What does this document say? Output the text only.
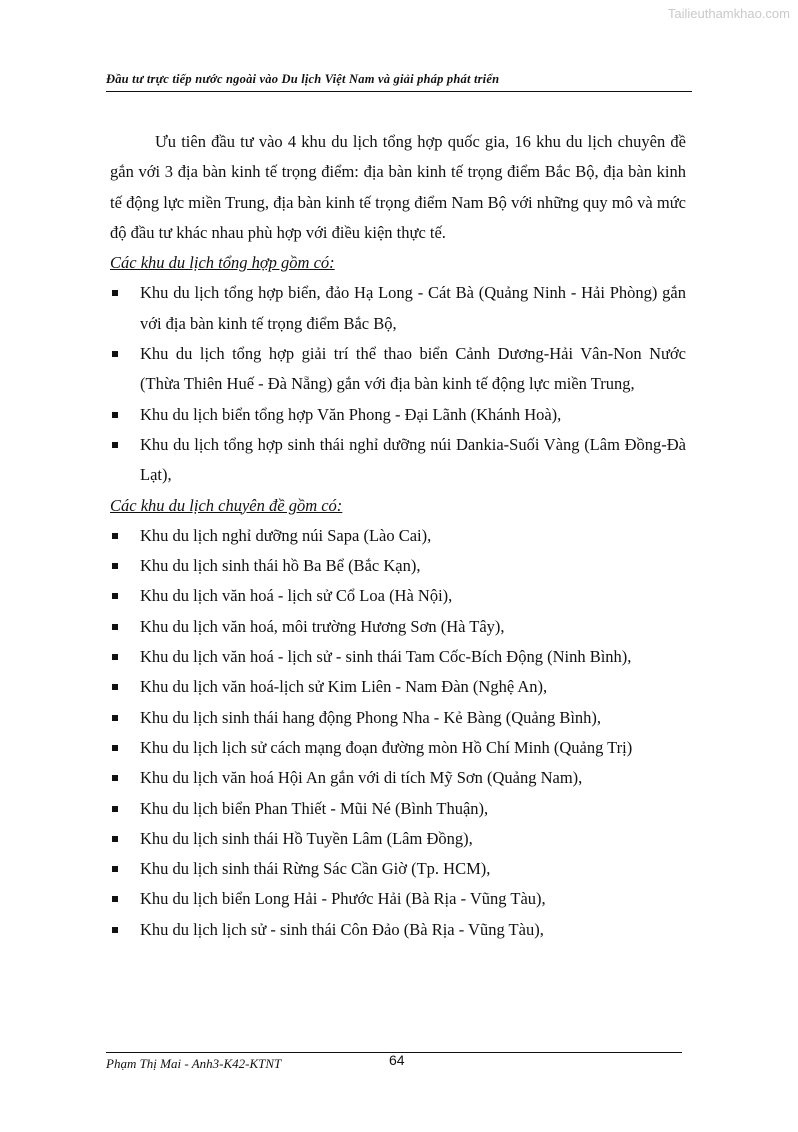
Tailieuthamkhao.com
Đầu tư trực tiếp nước ngoài vào Du lịch Việt Nam và giải pháp phát triển

Ưu tiên đầu tư vào 4 khu du lịch tổng hợp quốc gia, 16 khu du lịch chuyên đề gắn với 3 địa bàn kinh tế trọng điểm: địa bàn kinh tế trọng điểm Bắc Bộ, địa bàn kinh tế động lực miền Trung, địa bàn kinh tế trọng điểm Nam Bộ với những quy mô và mức độ đầu tư khác nhau phù hợp với điều kiện thực tế.

Các khu du lịch tổng hợp gồm có:

Khu du lịch tổng hợp biển, đảo Hạ Long - Cát Bà (Quảng Ninh - Hải Phòng) gắn với địa bàn kinh tế trọng điểm Bắc Bộ,
Khu du lịch tổng hợp giải trí thể thao biển Cảnh Dương-Hải Vân-Non Nước (Thừa Thiên Huế - Đà Nẵng) gắn với địa bàn kinh tế động lực miền Trung,
Khu du lịch biển tổng hợp Văn Phong - Đại Lãnh (Khánh Hoà),
Khu du lịch tổng hợp sinh thái nghỉ dưỡng núi Dankia-Suối Vàng (Lâm Đồng-Đà Lạt),

Các khu du lịch chuyên đề gồm có:

Khu du lịch nghỉ dưỡng núi Sapa (Lào Cai),
Khu du lịch sinh thái hồ Ba Bể (Bắc Kạn),
Khu du lịch văn hoá - lịch sử Cổ Loa (Hà Nội),
Khu du lịch văn hoá, môi trường Hương Sơn (Hà Tây),
Khu du lịch văn hoá - lịch sử - sinh thái Tam Cốc-Bích Động (Ninh Bình),
Khu du lịch văn hoá-lịch sử Kim Liên - Nam Đàn (Nghệ An),
Khu du lịch sinh thái hang động Phong Nha - Kẻ Bàng (Quảng Bình),
Khu du lịch lịch sử cách mạng đoạn đường mòn Hồ Chí Minh (Quảng Trị)
Khu du lịch văn hoá Hội An gắn với di tích Mỹ Sơn (Quảng Nam),
Khu du lịch biển Phan Thiết - Mũi Né (Bình Thuận),
Khu du lịch sinh thái Hồ Tuyền Lâm (Lâm Đồng),
Khu du lịch sinh thái Rừng Sác Cần Giờ (Tp. HCM),
Khu du lịch biển Long Hải - Phước Hải (Bà Rịa - Vũng Tàu),
Khu du lịch lịch sử - sinh thái Côn Đảo (Bà Rịa - Vũng Tàu),
Phạm Thị Mai - Anh3-K42-KTNT	64
